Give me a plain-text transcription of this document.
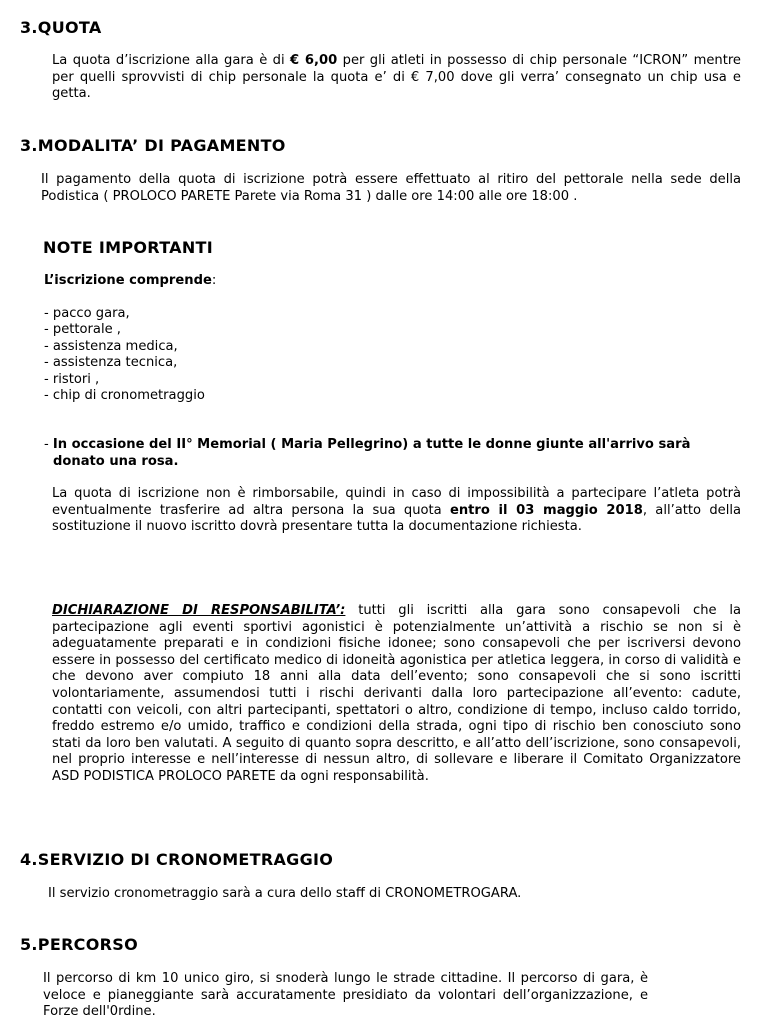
3.QUOTA
La quota d’iscrizione alla gara è di € 6,00 per gli atleti in possesso di chip personale “ICRON” mentre per quelli sprovvisti di chip personale la quota e’ di € 7,00 dove gli verra’ consegnato un chip usa e getta.
3.MODALITA’ DI PAGAMENTO
Il pagamento della quota di iscrizione potrà essere effettuato al ritiro del pettorale nella sede della Podistica ( PROLOCO PARETE Parete via Roma 31 ) dalle ore 14:00 alle ore 18:00 .
NOTE IMPORTANTI
L’iscrizione comprende:
- pacco gara,
- pettorale ,
- assistenza medica,
- assistenza tecnica,
- ristori ,
- chip di cronometraggio
- In occasione del II° Memorial ( Maria Pellegrino) a tutte le donne giunte all'arrivo sarà donato una rosa.
La quota di iscrizione non è rimborsabile, quindi in caso di impossibilità a partecipare l’atleta potrà eventualmente trasferire ad altra persona la sua quota entro il 03 maggio 2018, all’atto della sostituzione il nuovo iscritto dovrà presentare tutta la documentazione richiesta.
DICHIARAZIONE DI RESPONSABILITA’: tutti gli iscritti alla gara sono consapevoli che la partecipazione agli eventi sportivi agonistici è potenzialmente un’attività a rischio se non si è adeguatamente preparati e in condizioni fisiche idonee; sono consapevoli che per iscriversi devono essere in possesso del certificato medico di idoneità agonistica per atletica leggera, in corso di validità e che devono aver compiuto 18 anni alla data dell’evento; sono consapevoli che si sono iscritti volontariamente, assumendosi tutti i rischi derivanti dalla loro partecipazione all’evento: cadute, contatti con veicoli, con altri partecipanti, spettatori o altro, condizione di tempo, incluso caldo torrido, freddo estremo e/o umido, traffico e condizioni della strada, ogni tipo di rischio ben conosciuto sono stati da loro ben valutati. A seguito di quanto sopra descritto, e all’atto dell’iscrizione, sono consapevoli, nel proprio interesse e nell’interesse di nessun altro, di sollevare e liberare il Comitato Organizzatore ASD PODISTICA PROLOCO PARETE da ogni responsabilità.
4.SERVIZIO DI CRONOMETRAGGIO
Il servizio cronometraggio sarà a cura dello staff di CRONOMETROGARA.
5.PERCORSO
Il percorso di km 10 unico giro, si snoderà lungo le strade cittadine. Il percorso di gara, è veloce e pianeggiante sarà accuratamente presidiato da volontari dell’organizzazione, e Forze dell'0rdine.
